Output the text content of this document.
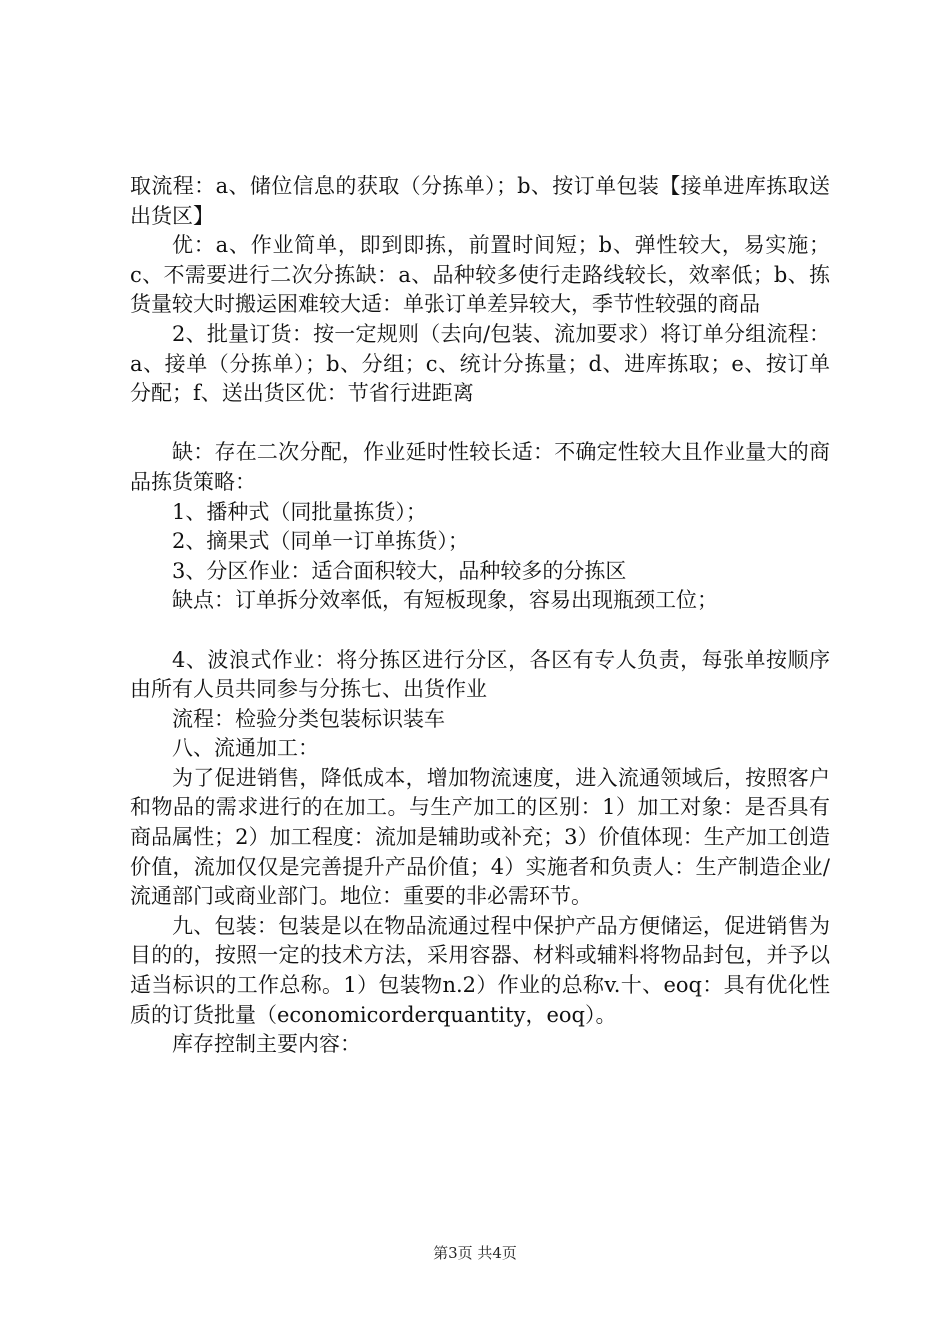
取流程：a、储位信息的获取（分拣单）；b、按订单包装【接单进库拣取送出货区】

优：a、作业简单，即到即拣，前置时间短；b、弹性较大，易实施；c、不需要进行二次分拣缺：a、品种较多使行走路线较长，效率低；b、拣货量较大时搬运困难较大适：单张订单差异较大，季节性较强的商品

2、批量订货：按一定规则（去向/包装、流加要求）将订单分组流程：a、接单（分拣单）；b、分组；c、统计分拣量；d、进库拣取；e、按订单分配；f、送出货区优：节省行进距离

缺：存在二次分配，作业延时性较长适：不确定性较大且作业量大的商品拣货策略：

1、播种式（同批量拣货）；

2、摘果式（同单一订单拣货）；

3、分区作业：适合面积较大，品种较多的分拣区

缺点：订单拆分效率低，有短板现象，容易出现瓶颈工位；

4、波浪式作业：将分拣区进行分区，各区有专人负责，每张单按顺序由所有人员共同参与分拣七、出货作业

流程：检验分类包装标识装车

八、流通加工：

为了促进销售，降低成本，增加物流速度，进入流通领域后，按照客户和物品的需求进行的在加工。与生产加工的区别：1）加工对象：是否具有商品属性；2）加工程度：流加是辅助或补充；3）价值体现：生产加工创造价值，流加仅仅是完善提升产品价值；4）实施者和负责人：生产制造企业/流通部门或商业部门。地位：重要的非必需环节。

九、包装：包装是以在物品流通过程中保护产品方便储运，促进销售为目的的，按照一定的技术方法，采用容器、材料或辅料将物品封包，并予以适当标识的工作总称。1）包装物n.2）作业的总称v.十、eoq：具有优化性质的订货批量（economicorderquantity，eoq）。

库存控制主要内容：

第3页 共4页
